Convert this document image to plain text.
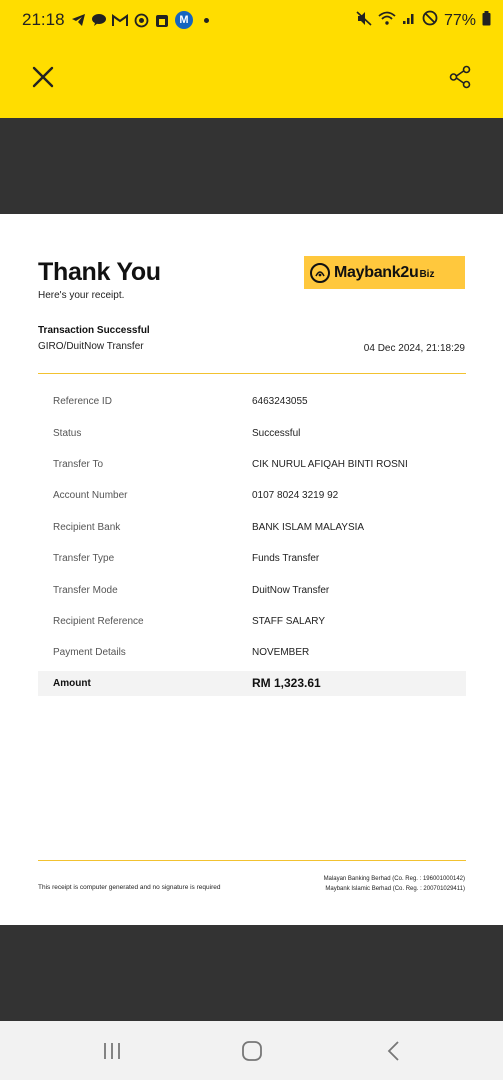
21:18	M	77%
Thank You
Here's your receipt.
Maybank2u Biz
Transaction Successful
GIRO/DuitNow Transfer	04 Dec 2024, 21:18:29
Reference ID	6463243055
Status	Successful
Transfer To	CIK NURUL AFIQAH BINTI ROSNI
Account Number	0107 8024 3219 92
Recipient Bank	BANK ISLAM MALAYSIA
Transfer Type	Funds Transfer
Transfer Mode	DuitNow Transfer
Recipient Reference	STAFF SALARY
Payment Details	NOVEMBER
Amount	RM 1,323.61
This receipt is computer generated and no signature is required
Malayan Banking Berhad (Co. Reg. : 196001000142)
Maybank Islamic Berhad (Co. Reg. : 200701029411)
